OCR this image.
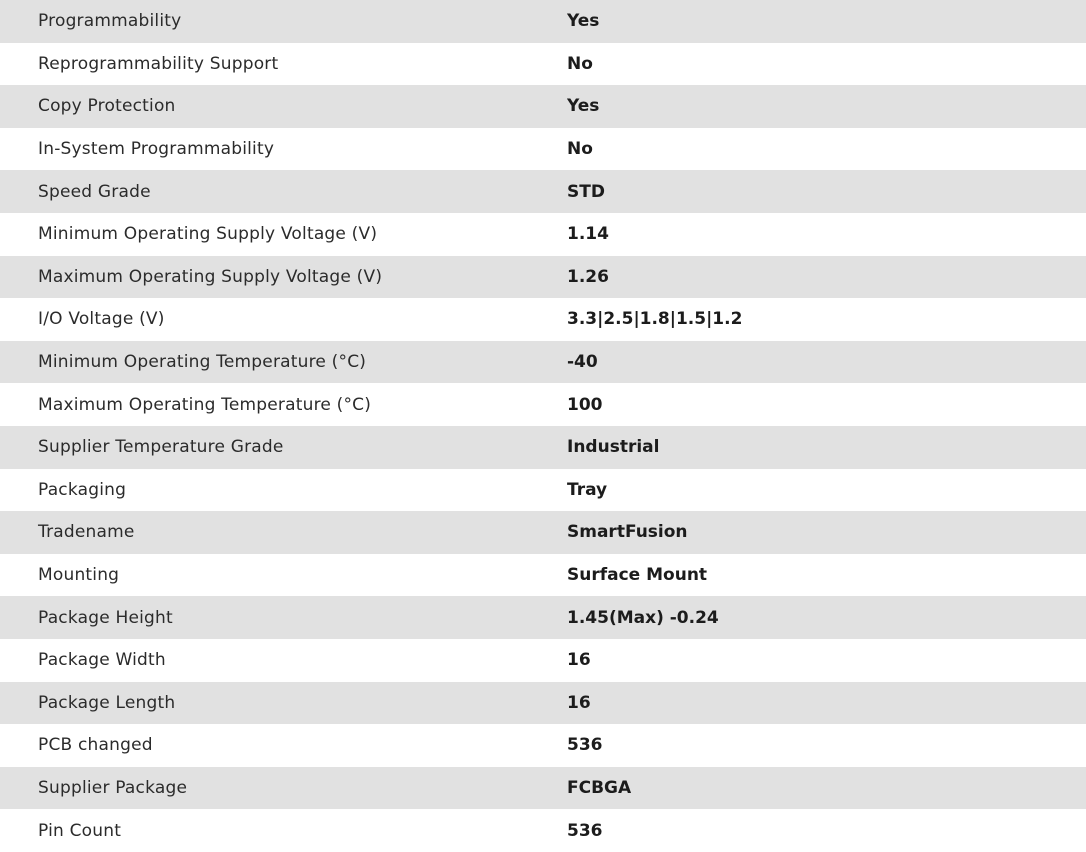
Programmability	Yes
Reprogrammability Support	No
Copy Protection	Yes
In-System Programmability	No
Speed Grade	STD
Minimum Operating Supply Voltage (V)	1.14
Maximum Operating Supply Voltage (V)	1.26
I/O Voltage (V)	3.3|2.5|1.8|1.5|1.2
Minimum Operating Temperature (°C)	-40
Maximum Operating Temperature (°C)	100
Supplier Temperature Grade	Industrial
Packaging	Tray
Tradename	SmartFusion
Mounting	Surface Mount
Package Height	1.45(Max) -0.24
Package Width	16
Package Length	16
PCB changed	536
Supplier Package	FCBGA
Pin Count	536
